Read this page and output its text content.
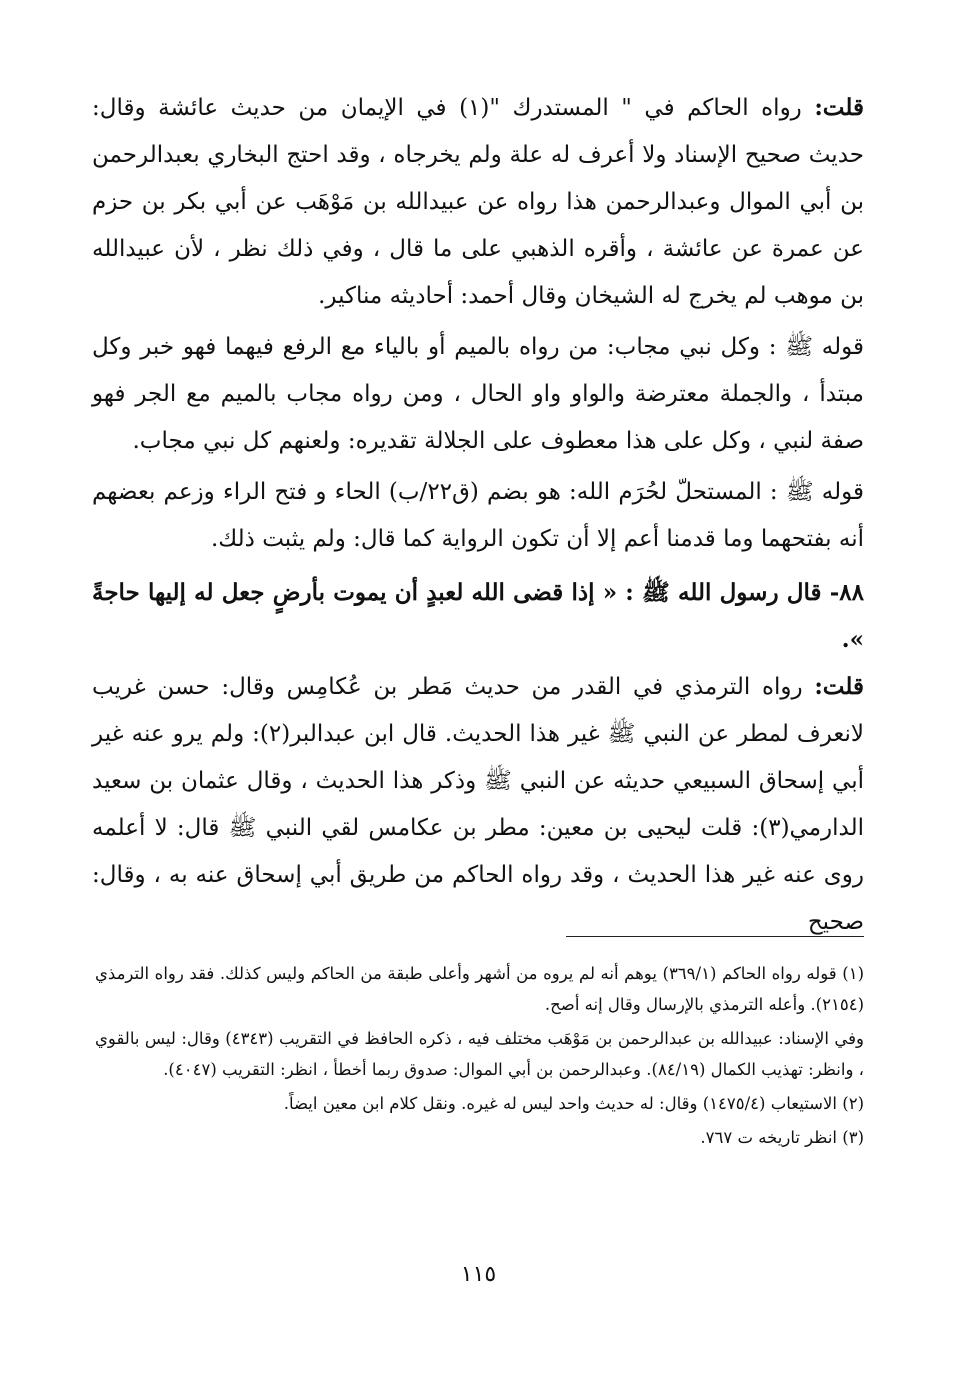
قلت: رواه الحاكم في " المستدرك "(١) في الإيمان من حديث عائشة وقال: حديث صحيح الإسناد ولا أعرف له علة ولم يخرجاه ، وقد احتج البخاري بعبدالرحمن بن أبي الموال وعبدالرحمن هذا رواه عن عبيدالله بن مَوْهَب عن أبي بكر بن حزم عن عمرة عن عائشة ، وأقره الذهبي على ما قال ، وفي ذلك نظر ، لأن عبيدالله بن موهب لم يخرج له الشيخان وقال أحمد: أحاديثه مناكير.

قوله ﷺ : وكل نبي مجاب: من رواه بالميم أو بالياء مع الرفع فيهما فهو خبر وكل مبتدأ ، والجملة معترضة والواو واو الحال ، ومن رواه مجاب بالميم مع الجر فهو صفة لنبي ، وكل على هذا معطوف على الجلالة تقديره: ولعنهم كل نبي مجاب.

قوله ﷺ : المستحلّ لحُرَم الله: هو بضم (ق٢٢/ب) الحاء و فتح الراء وزعم بعضهم أنه بفتحهما وما قدمنا أعم إلا أن تكون الرواية كما قال: ولم يثبت ذلك.

٨٨- قال رسول الله ﷺ : « إذا قضى الله لعبدٍ أن يموت بأرضٍ جعل له إليها حاجةً ».

قلت: رواه الترمذي في القدر من حديث مَطر بن عُكامِس وقال: حسن غريب لانعرف لمطر عن النبي ﷺ غير هذا الحديث. قال ابن عبدالبر(٢): ولم يرو عنه غير أبي إسحاق السبيعي حديثه عن النبي ﷺ وذكر هذا الحديث ، وقال عثمان بن سعيد الدارمي(٣): قلت ليحيى بن معين: مطر بن عكامس لقي النبي ﷺ قال: لا أعلمه روى عنه غير هذا الحديث ، وقد رواه الحاكم من طريق أبي إسحاق عنه به ، وقال: صحيح

(١) قوله رواه الحاكم (٣٦٩/١) يوهم أنه لم يروه من أشهر وأعلى طبقة من الحاكم وليس كذلك. فقد رواه الترمذي (٢١٥٤). وأعله الترمذي بالإرسال وقال إنه أصح.

وفي الإسناد: عبيدالله بن عبدالرحمن بن مَوْهَب مختلف فيه ، ذكره الحافظ في التقريب (٤٣٤٣) وقال: ليس بالقوي ، وانظر: تهذيب الكمال (٨٤/١٩). وعبدالرحمن بن أبي الموال: صدوق ربما أخطأ ، انظر: التقريب (٤٠٤٧).

(٢) الاستيعاب (١٤٧٥/٤) وقال: له حديث واحد ليس له غيره. ونقل كلام ابن معين ايضاً.

(٣) انظر تاريخه ت ٧٦٧.

١١٥
